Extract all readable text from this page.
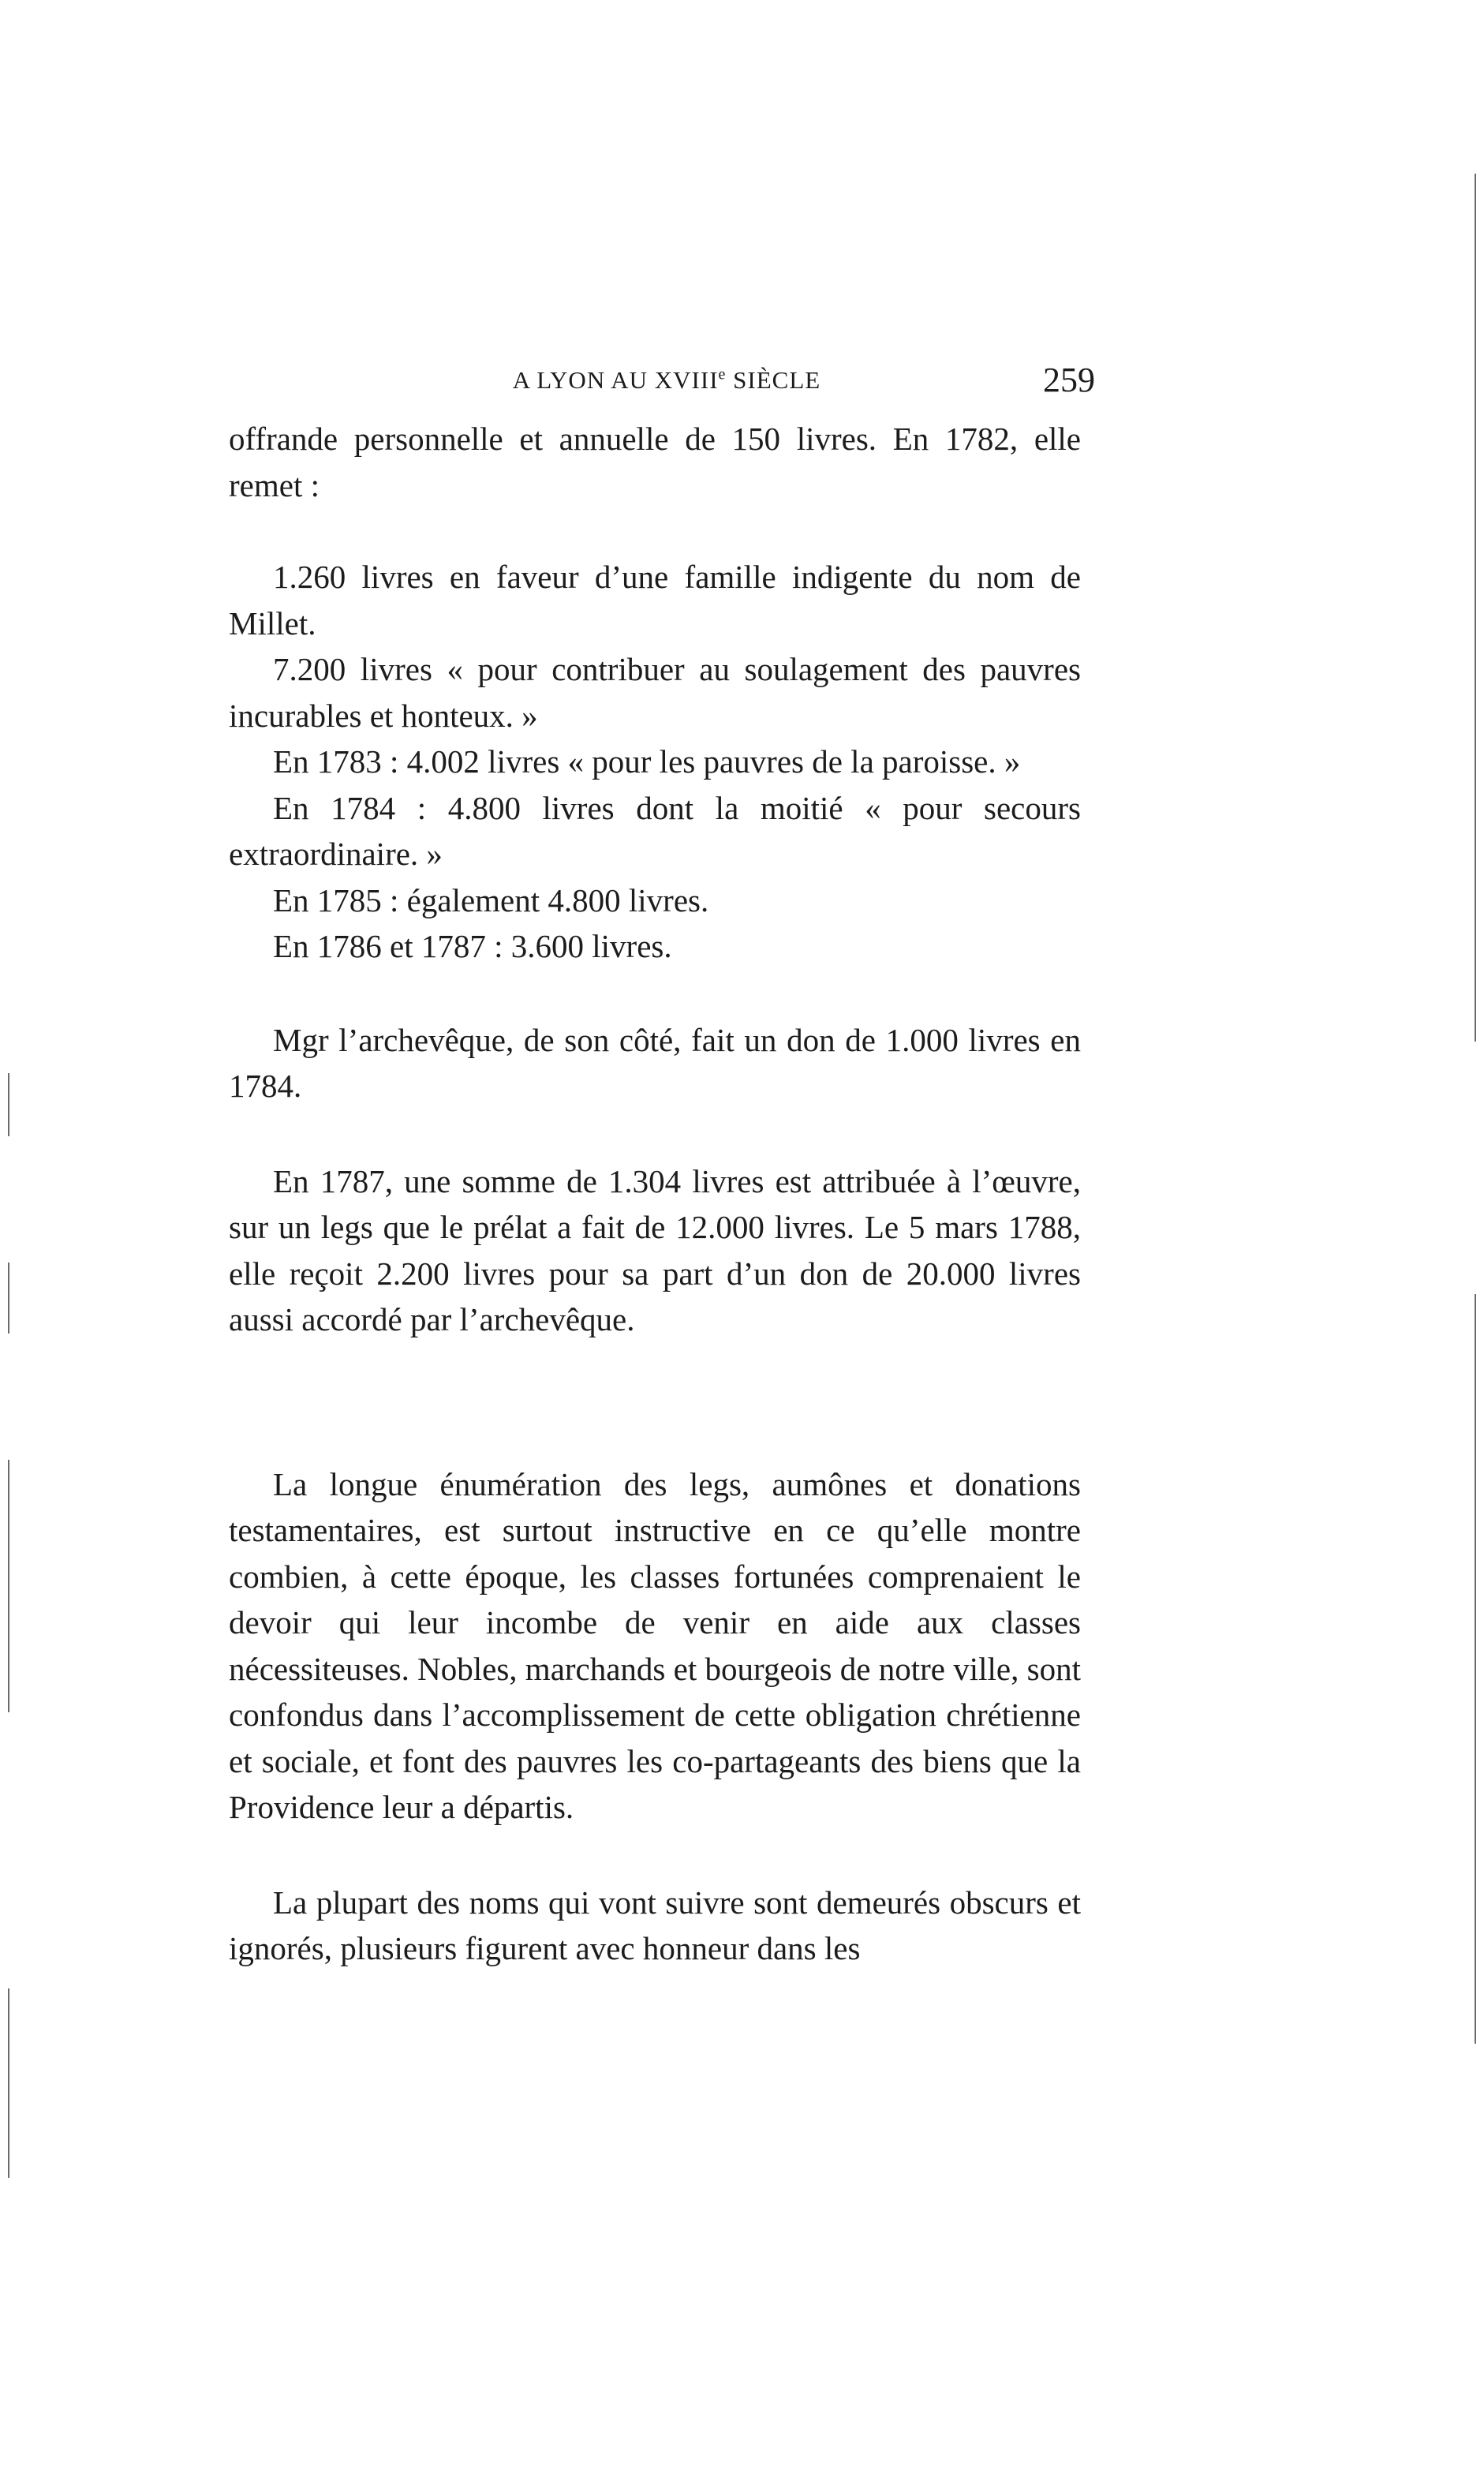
A LYON AU XVIIIe SIÈCLE	259

offrande personnelle et annuelle de 150 livres. En 1782, elle remet :

1.260 livres en faveur d’une famille indigente du nom de Millet.

7.200 livres « pour contribuer au soulagement des pauvres incurables et honteux. »

En 1783 : 4.002 livres « pour les pauvres de la paroisse. »

En 1784 : 4.800 livres dont la moitié « pour secours extraordinaire. »

En 1785 : également 4.800 livres.

En 1786 et 1787 : 3.600 livres.

Mgr l’archevêque, de son côté, fait un don de 1.000 livres en 1784.

En 1787, une somme de 1.304 livres est attribuée à l’œuvre, sur un legs que le prélat a fait de 12.000 livres. Le 5 mars 1788, elle reçoit 2.200 livres pour sa part d’un don de 20.000 livres aussi accordé par l’archevêque.

La longue énumération des legs, aumônes et donations testamentaires, est surtout instructive en ce qu’elle montre combien, à cette époque, les classes fortunées comprenaient le devoir qui leur incombe de venir en aide aux classes nécessiteuses. Nobles, marchands et bourgeois de notre ville, sont confondus dans l’accomplissement de cette obligation chrétienne et sociale, et font des pauvres les co-partageants des biens que la Providence leur a départis.

La plupart des noms qui vont suivre sont demeurés obscurs et ignorés, plusieurs figurent avec honneur dans les
